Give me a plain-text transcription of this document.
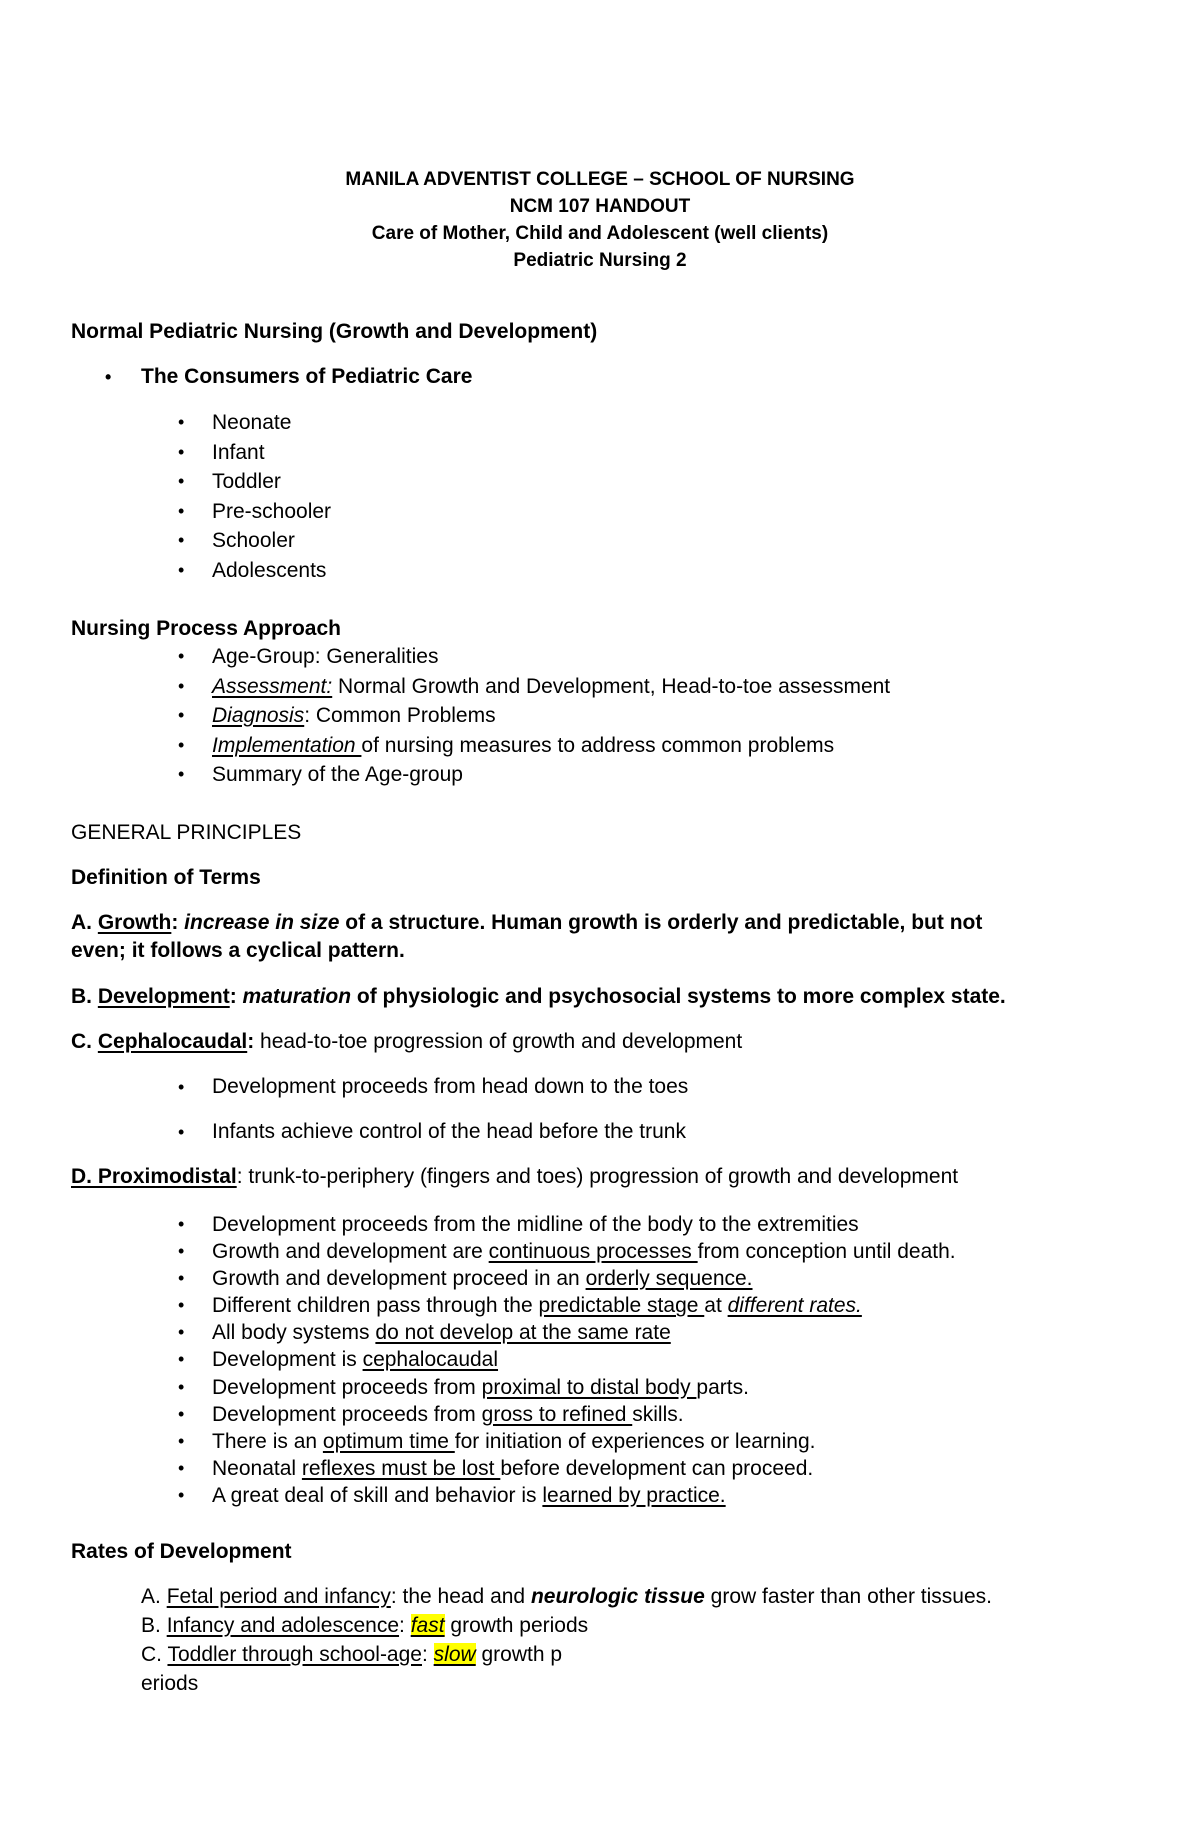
MANILA ADVENTIST COLLEGE – SCHOOL OF NURSING
NCM 107 HANDOUT
Care of Mother, Child and Adolescent (well clients)
Pediatric Nursing 2
Normal Pediatric Nursing (Growth and Development)
• The Consumers of Pediatric Care
• Neonate
• Infant
• Toddler
• Pre-schooler
• Schooler
• Adolescents
Nursing Process Approach
• Age-Group: Generalities
• Assessment: Normal Growth and Development, Head-to-toe assessment
• Diagnosis: Common Problems
• Implementation of nursing measures to address common problems
• Summary of the Age-group
GENERAL PRINCIPLES
Definition of Terms
A. Growth: increase in size of a structure. Human growth is orderly and predictable, but not
even; it follows a cyclical pattern.
B. Development: maturation of physiologic and psychosocial systems to more complex state.
C. Cephalocaudal: head-to-toe progression of growth and development
• Development proceeds from head down to the toes
• Infants achieve control of the head before the trunk
D. Proximodistal: trunk-to-periphery (fingers and toes) progression of growth and development
• Development proceeds from the midline of the body to the extremities
• Growth and development are continuous processes from conception until death.
• Growth and development proceed in an orderly sequence.
• Different children pass through the predictable stage at different rates.
• All body systems do not develop at the same rate
• Development is cephalocaudal
• Development proceeds from proximal to distal body parts.
• Development proceeds from gross to refined skills.
• There is an optimum time for initiation of experiences or learning.
• Neonatal reflexes must be lost before development can proceed.
• A great deal of skill and behavior is learned by practice.
Rates of Development
A. Fetal period and infancy: the head and neurologic tissue grow faster than other tissues.
B. Infancy and adolescence: fast growth periods
C. Toddler through school-age: slow growth p
eriods
